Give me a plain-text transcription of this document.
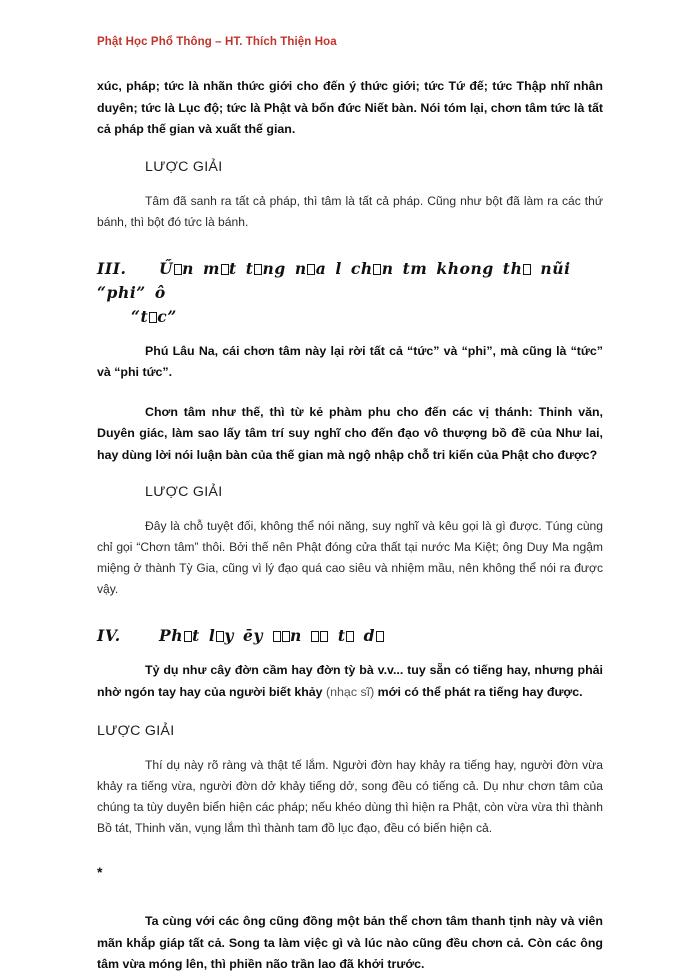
Phật Học Phổ Thông – HT. Thích Thiện Hoa

xúc, pháp; tức là nhãn thức giới cho đến ý thức giới; tức Tứ đế; tức Thập nhĩ nhân duyên; tức là Lục độ; tức là Phật và bốn đức Niết bàn. Nói tóm lại, chơn tâm tức là tất cả pháp thế gian và xuất thế gian.

LƯỢC GIẢI

Tâm đã sanh ra tất cả pháp, thì tâm là tất cả pháp. Cũng như bột đã làm ra các thứ bánh, thì bột đó tức là bánh.

III. Ű n m t t ng n a l ch n tm khong th nũi “phi” ô
“t c”

Phú Lâu Na, cái chơn tâm này lại rời tất cả “tức” và “phi”, mà cũng là “tức” và “phi tức”.

Chơn tâm như thế, thì từ kẻ phàm phu cho đến các vị thánh: Thinh văn, Duyên giác, làm sao lấy tâm trí suy nghĩ cho đến đạo vô thượng bồ đề của Như lai, hay dùng lời nói luận bàn của thế gian mà ngộ nhập chỗ tri kiến của Phật cho được?

LƯỢC GIẢI

Đây là chỗ tuyệt đối, không thể nói năng, suy nghĩ và kêu gọi là gì được. Túng cùng chỉ gọi “Chơn tâm” thôi. Bởi thế nên Phật đóng cửa thất tại nước Ma Kiệt; ông Duy Ma ngậm miệng ở thành Tỳ Gia, cũng vì lý đạo quá cao siêu và nhiệm mầu, nên không thể nói ra được vậy.

IV. Ph t l y ēy n  t d

Tỷ dụ như cây đờn cầm hay đờn tỳ bà v.v... tuy sẵn có tiếng hay, nhưng phải nhờ ngón tay hay của người biết khảy (nhạc sĩ) mới có thể phát ra tiếng hay được.

LƯỢC GIẢI

Thí dụ này rõ ràng và thật tế lắm. Người đờn hay khảy ra tiếng hay, người đờn vừa khảy ra tiếng vừa, người đờn dở khảy tiếng dở, song đều có tiếng cả. Dụ như chơn tâm của chúng ta tùy duyên biển hiện các pháp; nếu khéo dùng thì hiện ra Phật, còn vừa vừa thì thành Bồ tát, Thinh văn, vụng lắm thì thành tam đồ lục đạo, đều có biến hiện cả.

*

Ta cùng với các ông cũng đồng một bản thể chơn tâm thanh tịnh này và viên mãn khắp giáp tất cả. Song ta làm việc gì và lúc nào cũng đều chơn cả. Còn các ông tâm vừa móng lên, thì phiền não trần lao đã khởi trước.
